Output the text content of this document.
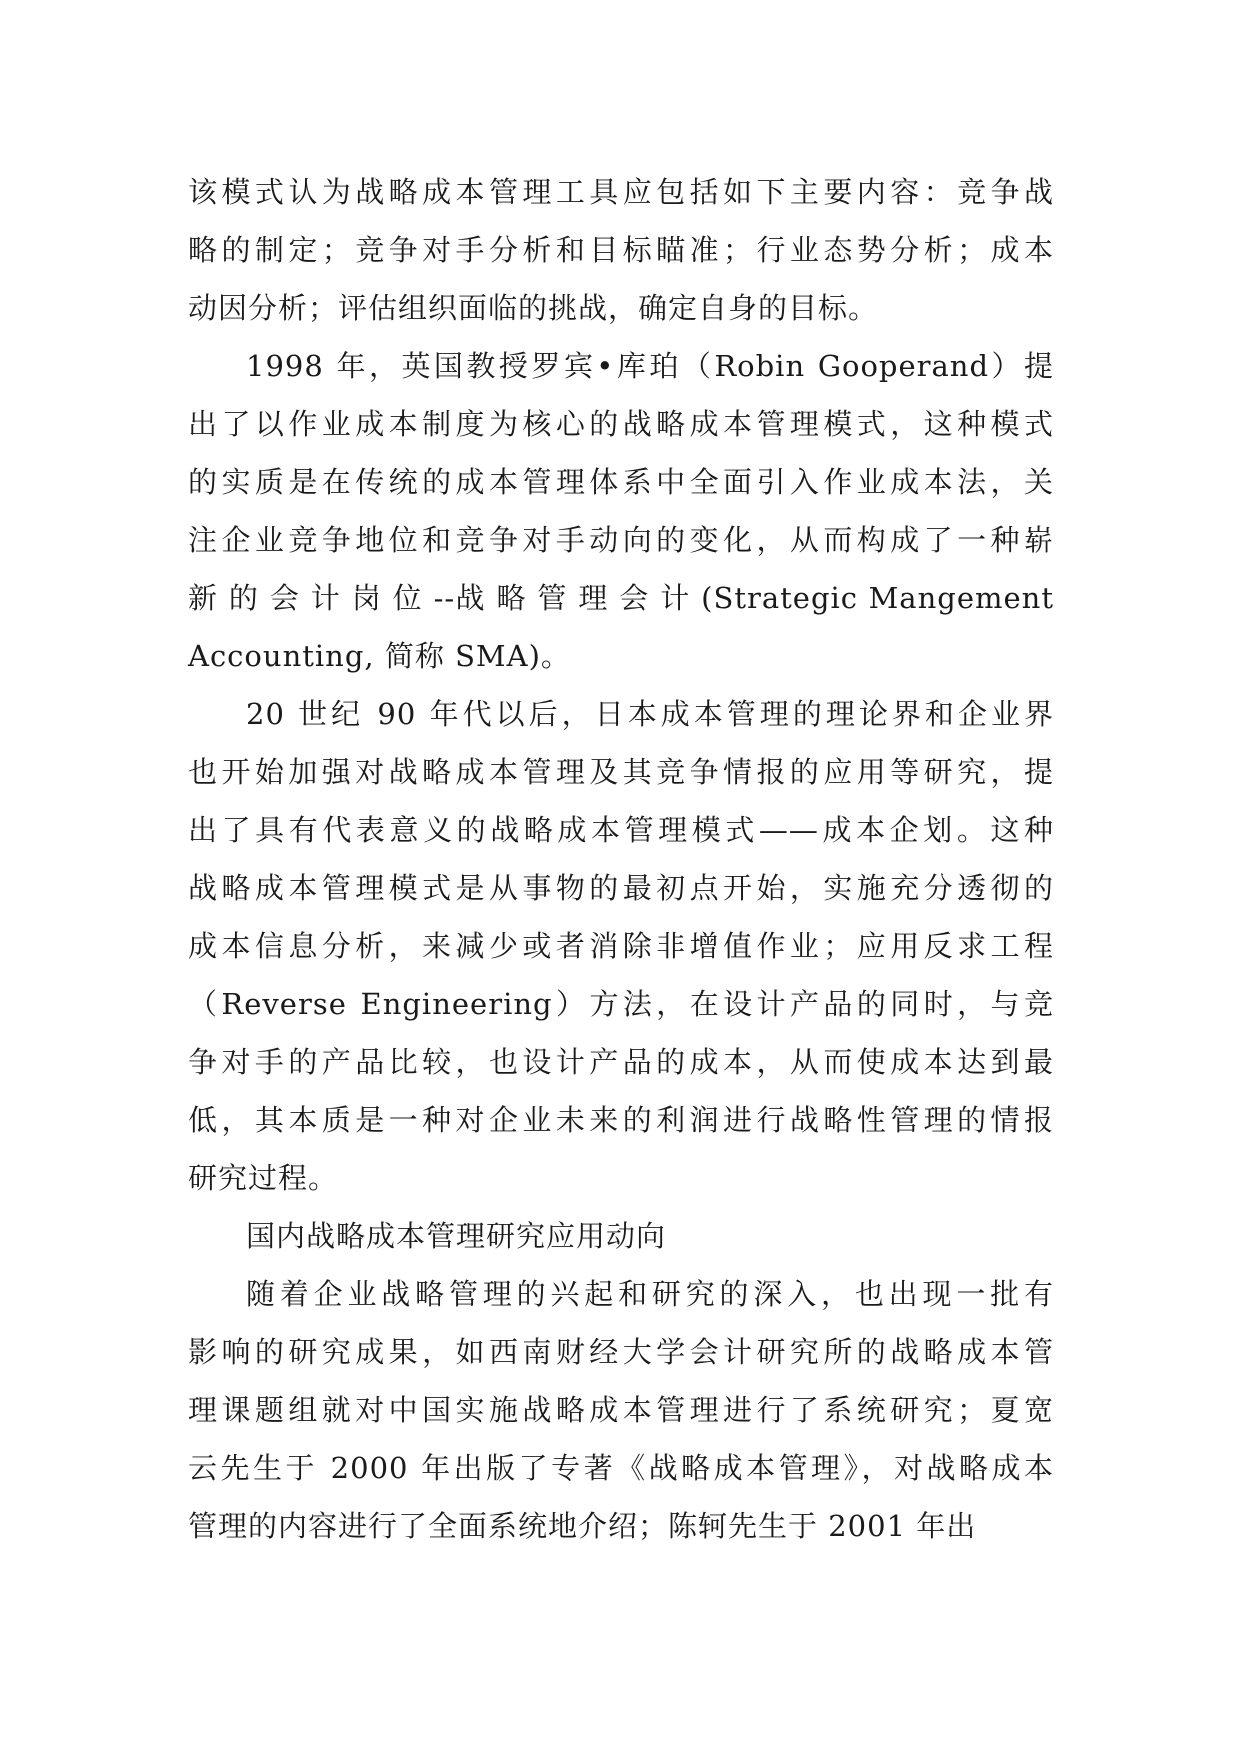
该模式认为战略成本管理工具应包括如下主要内容：竞争战
略的制定；竞争对手分析和目标瞄准；行业态势分析；成本
动因分析；评估组织面临的挑战，确定自身的目标。
1998 年，英国教授罗宾•库珀（Robin Gooperand）提
出了以作业成本制度为核心的战略成本管理模式，这种模式
的实质是在传统的成本管理体系中全面引入作业成本法，关
注企业竞争地位和竞争对手动向的变化，从而构成了一种崭
新 的 会 计 岗 位 --战 略 管 理 会 计 (Strategic Mangement
Accounting, 简称 SMA)。
20 世纪 90 年代以后，日本成本管理的理论界和企业界
也开始加强对战略成本管理及其竞争情报的应用等研究，提
出了具有代表意义的战略成本管理模式——成本企划。这种
战略成本管理模式是从事物的最初点开始，实施充分透彻的
成本信息分析，来减少或者消除非增值作业；应用反求工程
（Reverse Engineering）方法，在设计产品的同时，与竞
争对手的产品比较，也设计产品的成本，从而使成本达到最
低，其本质是一种对企业未来的利润进行战略性管理的情报
研究过程。
国内战略成本管理研究应用动向
随着企业战略管理的兴起和研究的深入，也出现一批有
影响的研究成果，如西南财经大学会计研究所的战略成本管
理课题组就对中国实施战略成本管理进行了系统研究；夏宽
云先生于 2000 年出版了专著《战略成本管理》，对战略成本
管理的内容进行了全面系统地介绍；陈轲先生于 2001 年出
